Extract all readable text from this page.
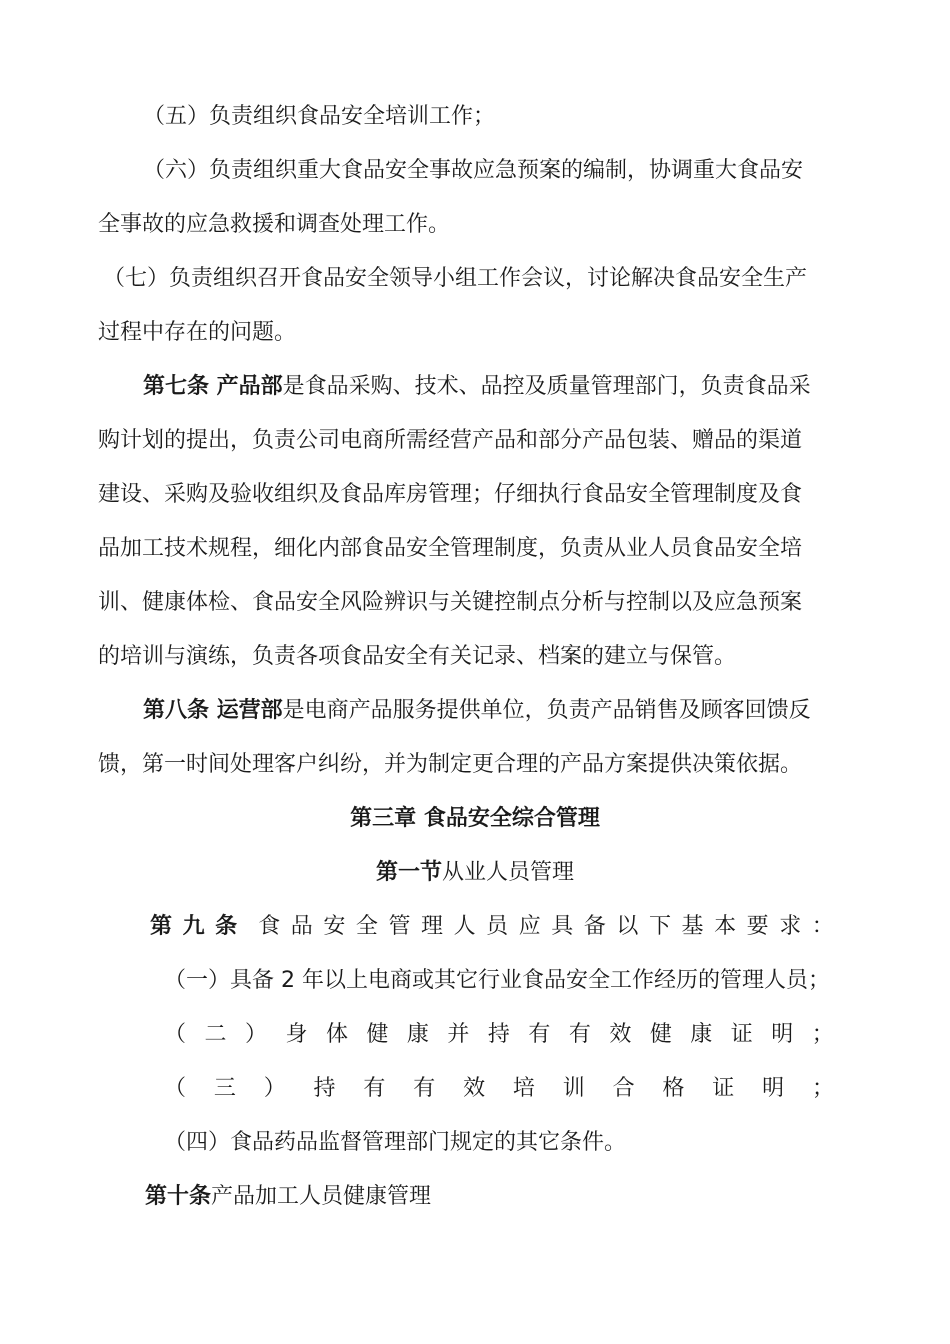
（五）负责组织食品安全培训工作；
（六）负责组织重大食品安全事故应急预案的编制，协调重大食品安
全事故的应急救援和调查处理工作。
（七）负责组织召开食品安全领导小组工作会议，讨论解决食品安全生产
过程中存在的问题。
第七条 产品部是食品采购、技术、品控及质量管理部门，负责食品采
购计划的提出，负责公司电商所需经营产品和部分产品包装、赠品的渠道
建设、采购及验收组织及食品库房管理；仔细执行食品安全管理制度及食
品加工技术规程，细化内部食品安全管理制度，负责从业人员食品安全培
训、健康体检、食品安全风险辨识与关键控制点分析与控制以及应急预案
的培训与演练，负责各项食品安全有关记录、档案的建立与保管。
第八条 运营部是电商产品服务提供单位，负责产品销售及顾客回馈反
馈，第一时间处理客户纠纷，并为制定更合理的产品方案提供决策依据。
第三章 食品安全综合管理
第一节从业人员管理
第 九 条 食 品 安 全 管 理 人 员 应 具 备 以 下 基 本 要 求 ：
（一）具备 2 年以上电商或其它行业食品安全工作经历的管理人员；
（ 二 ） 身 体 健 康 并 持 有 有 效 健 康 证 明 ；
（ 三 ） 持 有 有 效 培 训 合 格 证 明 ；
（四）食品药品监督管理部门规定的其它条件。
第十条产品加工人员健康管理
